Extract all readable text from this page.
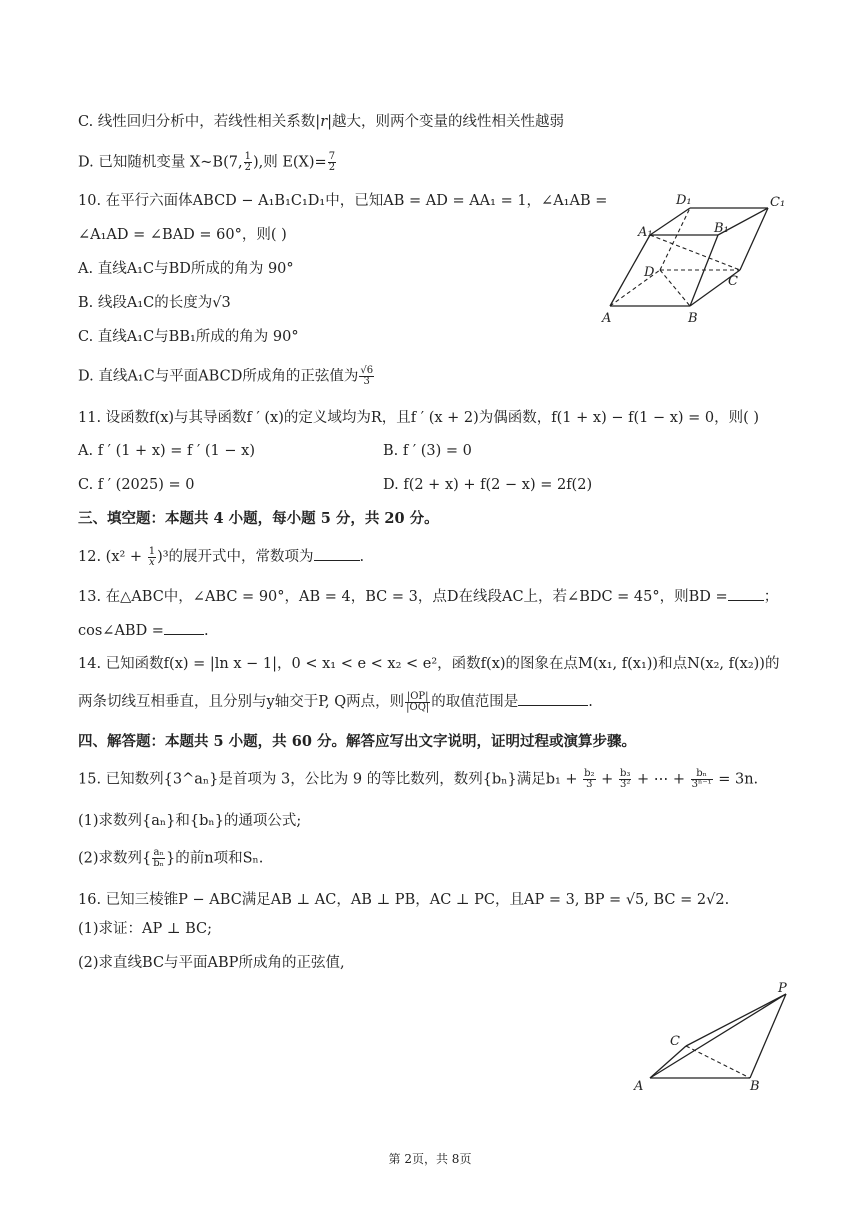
C. 线性回归分析中，若线性相关系数|r|越大，则两个变量的线性相关性越弱
D. 已知随机变量 X~B(7, $\frac{1}{2}$ ),则 $E(X)= \frac{7}{2}$
10. 在平行六面体ABCD − A₁B₁C₁D₁中，已知AB = AD = AA₁ = 1，∠A₁AB =
∠A₁AD = ∠BAD = 60°，则( )
A. 直线A₁C与BD所成的角为 90°
B. 线段A₁C的长度为√3
C. 直线A₁C与BB₁所成的角为 90°
D. 直线A₁C与平面ABCD所成角的正弦值为 $\frac{√6}{3}$
D₁	C₁
A₁	B₁
D
C
A	B
11. 设函数f(x)与其导函数f ′ (x)的定义域均为R，且f ′ (x + 2)为偶函数，f(1 + x) − f(1 − x) = 0，则( )
A. f ′ (1 + x) = f ′ (1 − x)	B. f ′ (3) = 0
C. f ′ (2025) = 0	D. f(2 + x) + f(2 − x) = 2f(2)
三、填空题：本题共 4 小题，每小题 5 分，共 20 分。
12. $(x^2 + \frac{1}{x} )^3$的展开式中，常数项为	.
13. 在△ABC中，∠ABC = 90°，AB = 4，BC = 3，点D在线段AC上，若∠BDC = 45°，则BD = ；
cos∠ABD =	.
14. 已知函数f(x) = |ln x − 1|，0 < x₁ < e < x₂ < e²，函数f(x)的图象在点M(x₁, f(x₁))和点N(x₂, f(x₂))的
两条切线互相垂直，且分别与y轴交于P, Q两点，则 $\frac{|OP|}{|OQ|}$ 的取值范围是	.
四、解答题：本题共 5 小题，共 60 分。解答应写出文字说明，证明过程或演算步骤。
15. 已知数列{3^aₙ}是首项为 3，公比为 9 的等比数列，数列{bₙ}满足$b_1 + \frac{\text{b₂}}{3} + \frac{\text{b₃}}{\text{3²}}$ + ⋯ + $\frac{\text{bₙ}}{\text{3ⁿ⁻¹}} = 3n$.
(1)求数列{aₙ}和{bₙ}的通项公式;
(2)求数列{ $\frac{\text{aₙ}}{\text{bₙ}}$ }的前n项和Sₙ.
16. 已知三棱锥P − ABC满足AB ⊥ AC，AB ⊥ PB，AC ⊥ PC，且AP = 3, BP = √5, BC = 2√2.
(1)求证：AP ⊥ BC;
(2)求直线BC与平面ABP所成角的正弦值,
P
C
A	B
第 2页，共 8页
